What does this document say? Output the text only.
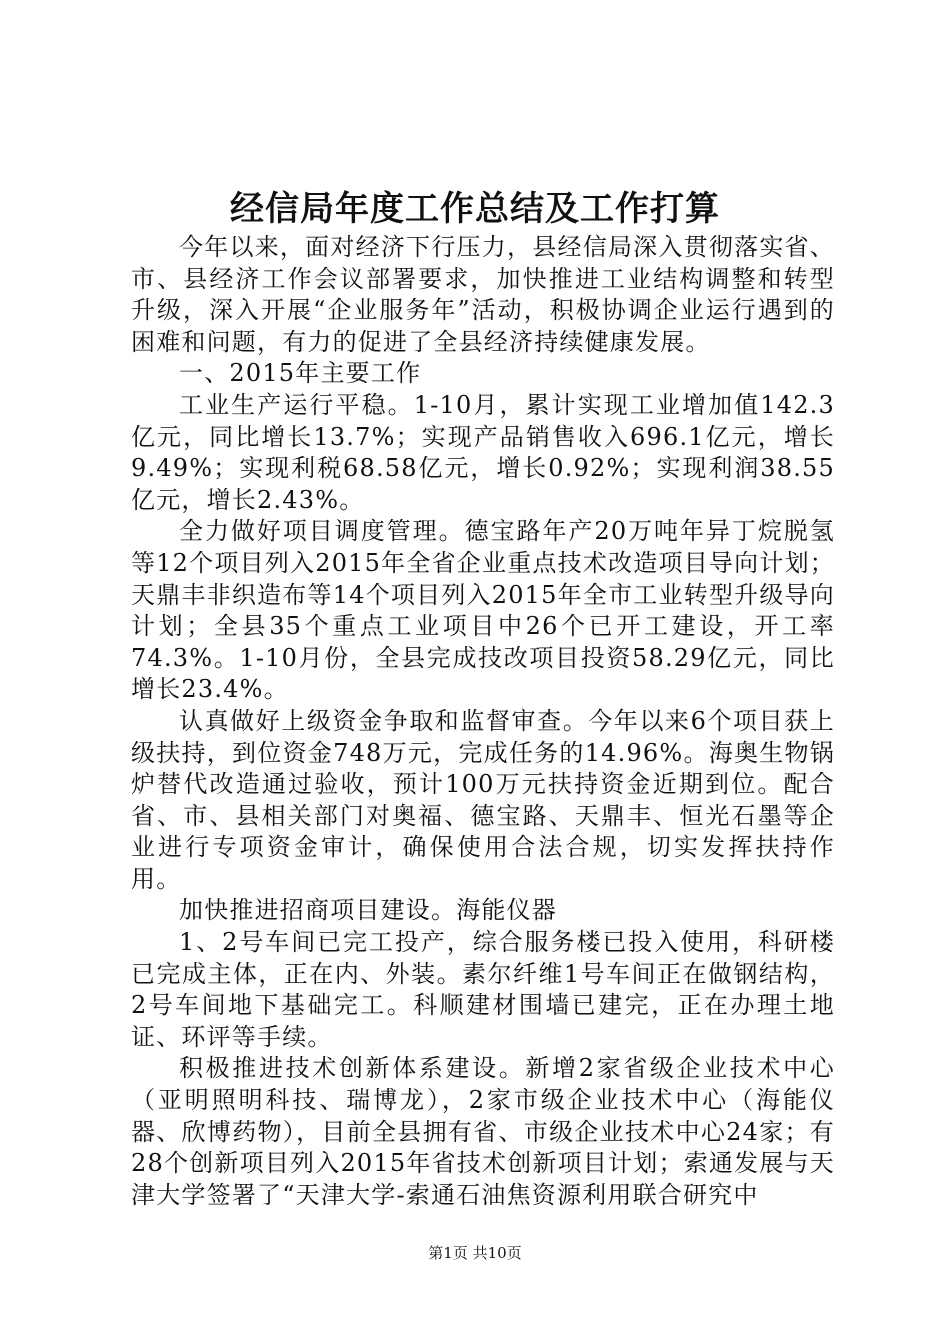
经信局年度工作总结及工作打算

今年以来，面对经济下行压力，县经信局深入贯彻落实省、市、县经济工作会议部署要求，加快推进工业结构调整和转型升级，深入开展“企业服务年”活动，积极协调企业运行遇到的困难和问题，有力的促进了全县经济持续健康发展。

一、2015年主要工作

工业生产运行平稳。1-10月，累计实现工业增加值142.3亿元，同比增长13.7%；实现产品销售收入696.1亿元，增长9.49%；实现利税68.58亿元，增长0.92%；实现利润38.55亿元，增长2.43%。

全力做好项目调度管理。德宝路年产20万吨年异丁烷脱氢等12个项目列入2015年全省企业重点技术改造项目导向计划；天鼎丰非织造布等14个项目列入2015年全市工业转型升级导向计划；全县35个重点工业项目中26个已开工建设，开工率74.3%。1-10月份，全县完成技改项目投资58.29亿元，同比增长23.4%。

认真做好上级资金争取和监督审查。今年以来6个项目获上级扶持，到位资金748万元，完成任务的14.96%。海奥生物锅炉替代改造通过验收，预计100万元扶持资金近期到位。配合省、市、县相关部门对奥福、德宝路、天鼎丰、恒光石墨等企业进行专项资金审计，确保使用合法合规，切实发挥扶持作用。

加快推进招商项目建设。海能仪器

1、2号车间已完工投产，综合服务楼已投入使用，科研楼已完成主体，正在内、外装。素尔纤维1号车间正在做钢结构，2号车间地下基础完工。科顺建材围墙已建完，正在办理土地证、环评等手续。

积极推进技术创新体系建设。新增2家省级企业技术中心（亚明照明科技、瑞博龙），2家市级企业技术中心（海能仪器、欣博药物），目前全县拥有省、市级企业技术中心24家；有28个创新项目列入2015年省技术创新项目计划；索通发展与天津大学签署了“天津大学-索通石油焦资源利用联合研究中

第1页 共10页
